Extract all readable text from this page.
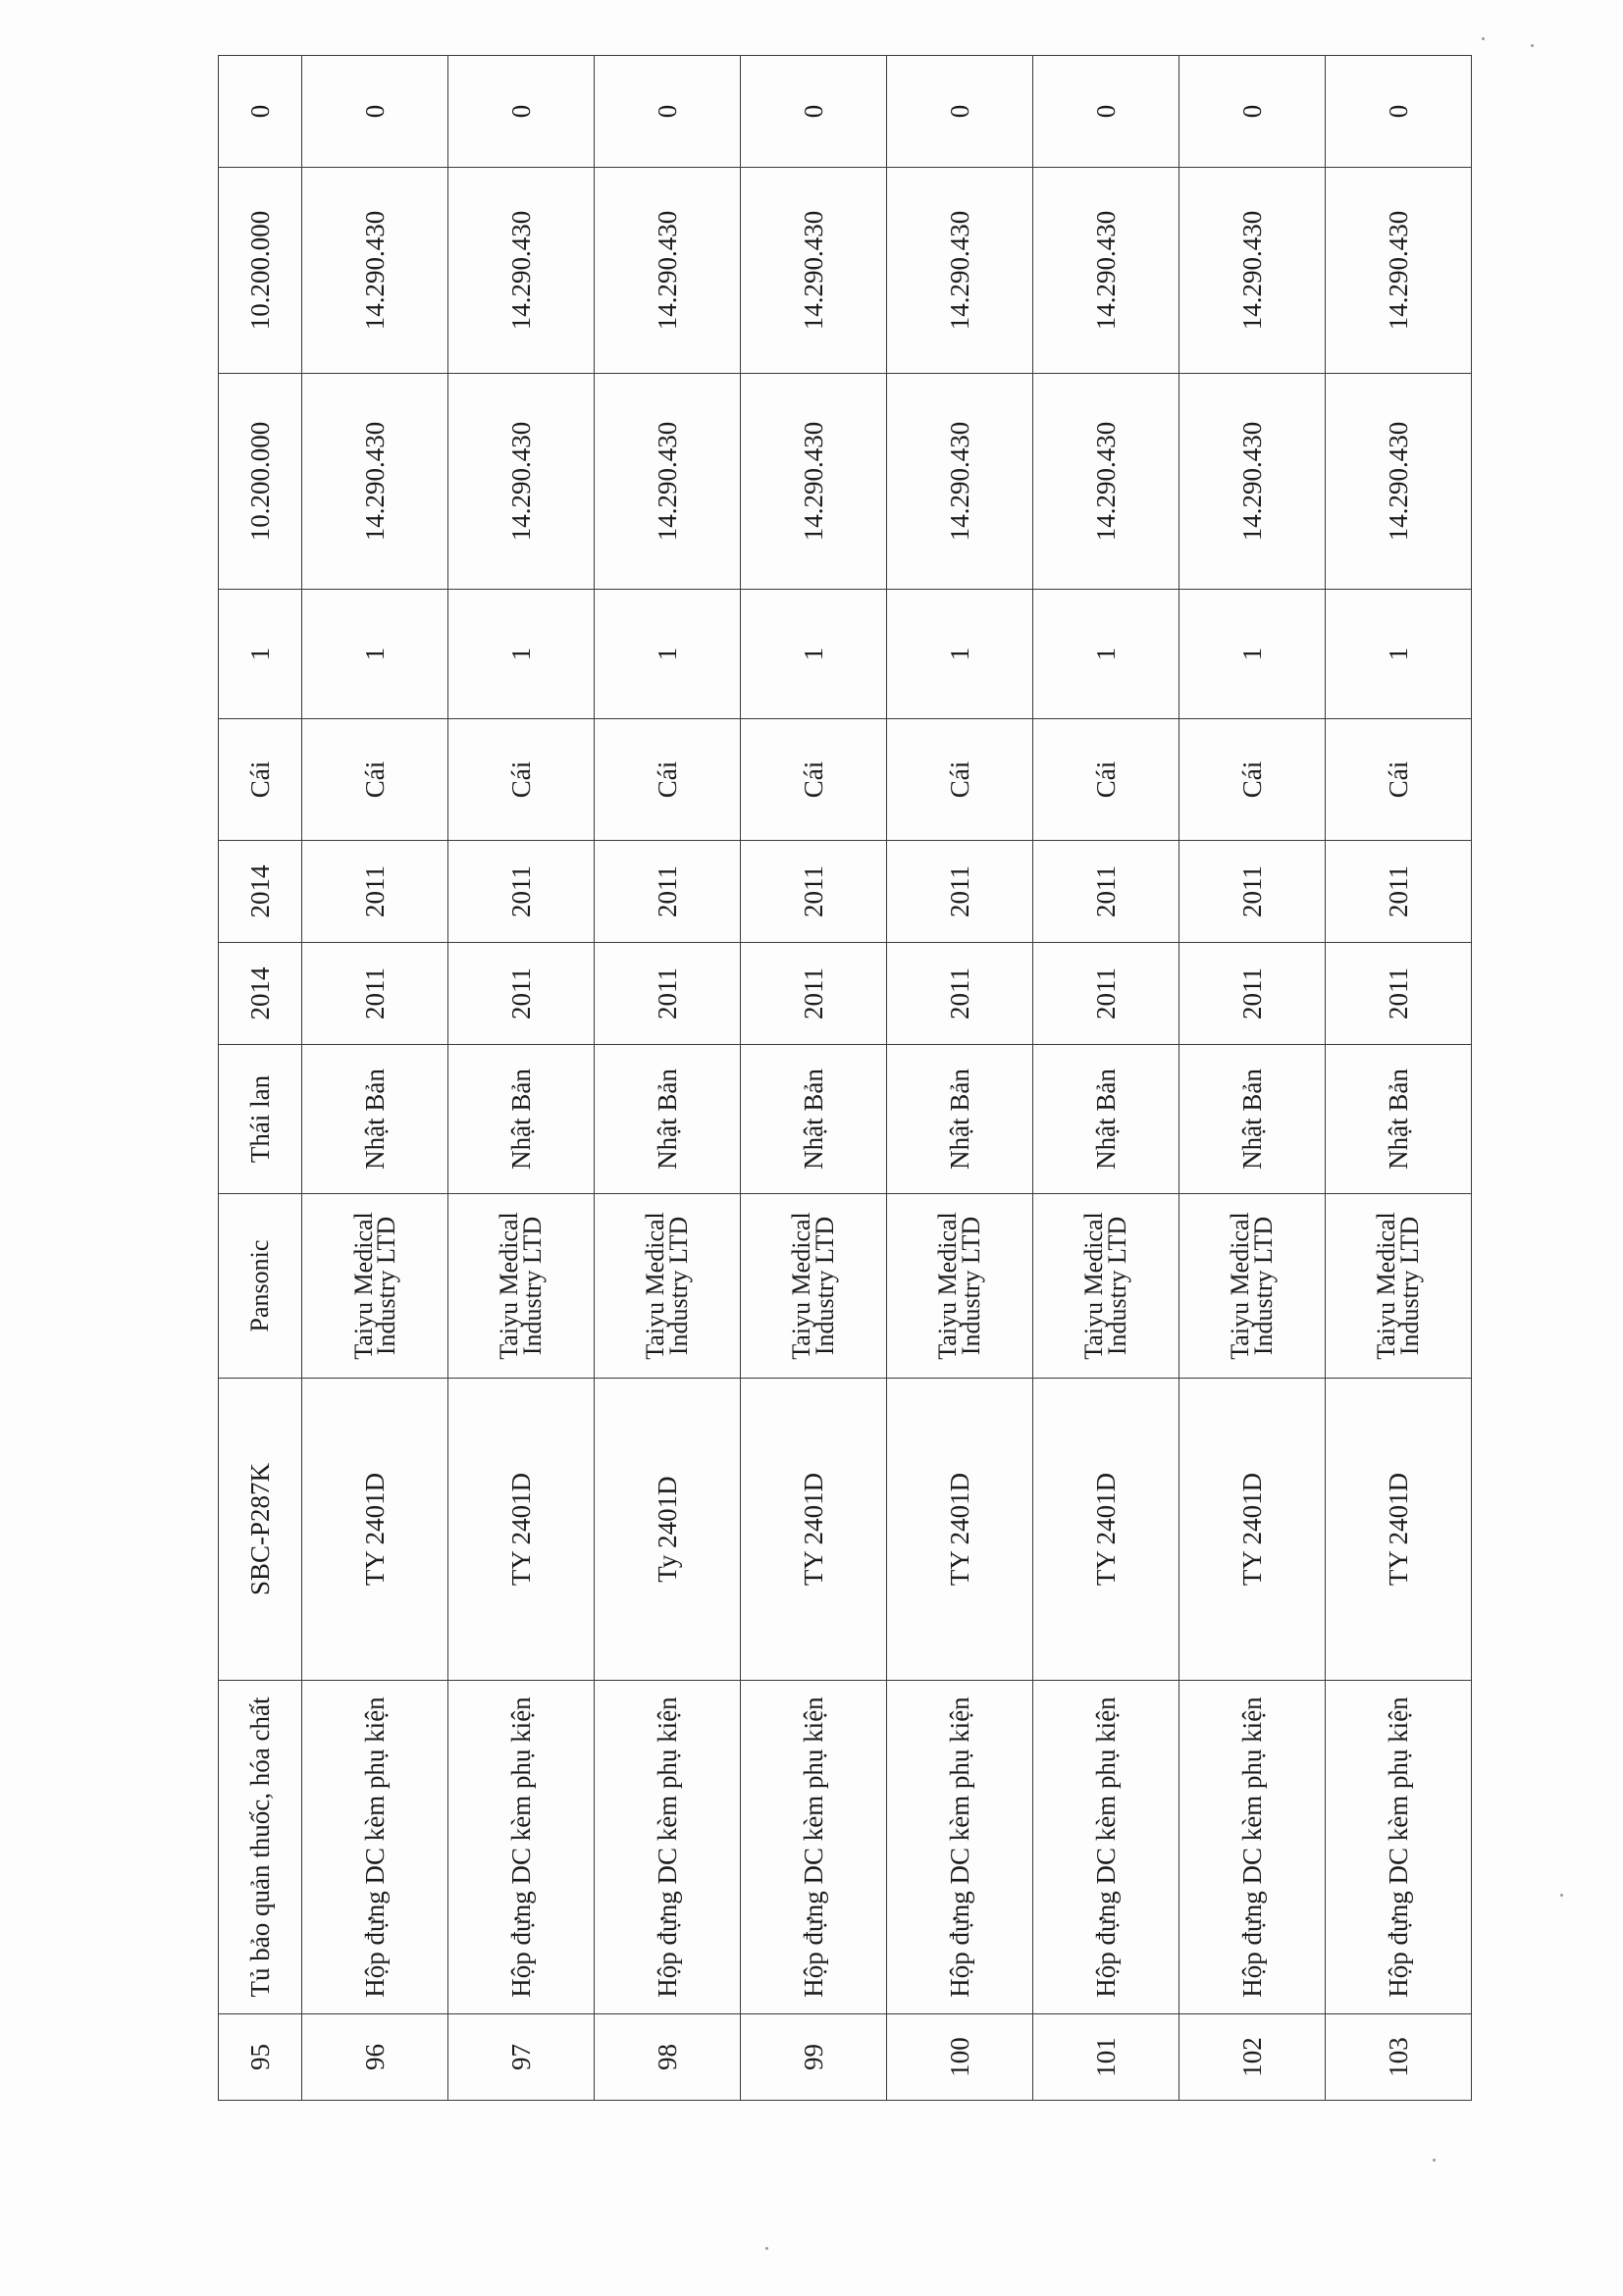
95	Tủ bảo quản thuốc, hóa chất	SBC-P287K	Pansonic	Thái lan	2014	2014	Cái	1	10.200.000	10.200.000	0
96	Hộp đựng DC kèm phụ kiện	TY 2401D	Taiyu Medical Industry LTD	Nhật Bản	2011	2011	Cái	1	14.290.430	14.290.430	0
97	Hộp đựng DC kèm phụ kiện	TY 2401D	Taiyu Medical Industry LTD	Nhật Bản	2011	2011	Cái	1	14.290.430	14.290.430	0
98	Hộp đựng DC kèm phụ kiện	Ty 2401D	Taiyu Medical Industry LTD	Nhật Bản	2011	2011	Cái	1	14.290.430	14.290.430	0
99	Hộp đựng DC kèm phụ kiện	TY 2401D	Taiyu Medical Industry LTD	Nhật Bản	2011	2011	Cái	1	14.290.430	14.290.430	0
100	Hộp đựng DC kèm phụ kiện	TY 2401D	Taiyu Medical Industry LTD	Nhật Bản	2011	2011	Cái	1	14.290.430	14.290.430	0
101	Hộp đựng DC kèm phụ kiện	TY 2401D	Taiyu Medical Industry LTD	Nhật Bản	2011	2011	Cái	1	14.290.430	14.290.430	0
102	Hộp đựng DC kèm phụ kiện	TY 2401D	Taiyu Medical Industry LTD	Nhật Bản	2011	2011	Cái	1	14.290.430	14.290.430	0
103	Hộp đựng DC kèm phụ kiện	TY 2401D	Taiyu Medical Industry LTD	Nhật Bản	2011	2011	Cái	1	14.290.430	14.290.430	0
